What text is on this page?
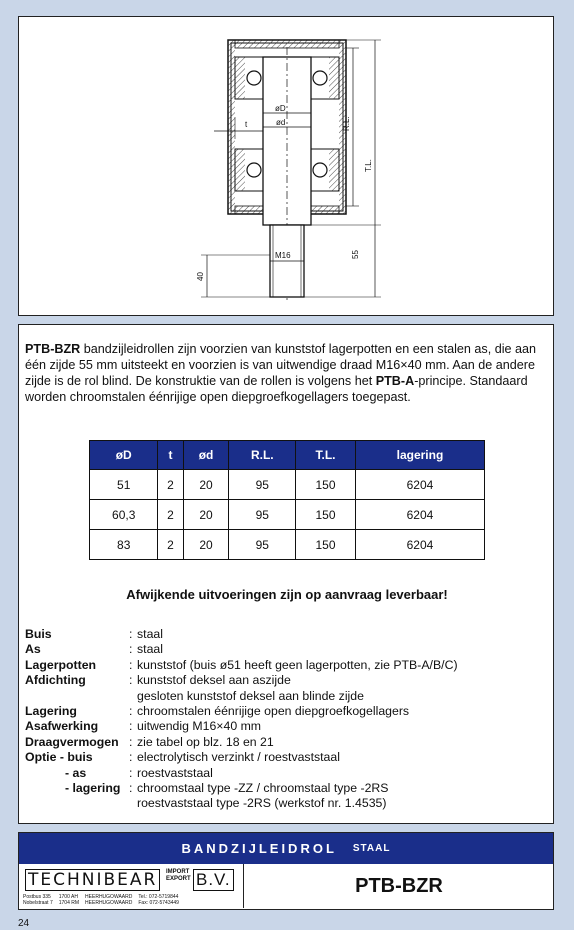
øD
ød
t	R.L.
T.L.
55
40
M16

PTB-BZR bandzijleidrollen zijn voorzien van kunststof lagerpotten en een stalen as, die aan één zijde 55 mm uitsteekt en voorzien is van uitwendige draad M16×40 mm. Aan de andere zijde is de rol blind. De konstruktie van de rollen is volgens het PTB-A-principe. Standaard worden chroomstalen éénrijige open diepgroefkogellagers toegepast.

øD	t	ød	R.L.	T.L.	lagering
51	2	20	95	150	6204
60,3	2	20	95	150	6204
83	2	20	95	150	6204
Afwijkende uitvoeringen zijn op aanvraag leverbaar!
Buis	: staal
As	: staal
Lagerpotten	: kunststof (buis ø51 heeft geen lagerpotten, zie PTB-A/B/C)
Afdichting	: kunststof deksel aan aszijde
gesloten kunststof deksel aan blinde zijde
Lagering	: chroomstalen éénrijige open diepgroefkogellagers
Asafwerking	: uitwendig M16×40 mm
Draagvermogen : zie tabel op blz. 18 en 21
Optie - buis	: electrolytisch verzinkt / roestvaststaal
- as	: roestvaststaal
- lagering : chroomstaal type -ZZ / chroomstaal type -2RS
roestvaststaal type -2RS (werkstof nr. 1.4535)
BANDZIJLEIDROL STAAL
TECHNIBEAR	IMPORT
EXPORT B.V.
Postbus 335
Nobelstraat 7
1700 AH
1704 RM
HEERHUGOWAARD
HEERHUGOWAARD
Tel.: 072-5719844
Fax: 072-5743449
PTB-BZR
24
